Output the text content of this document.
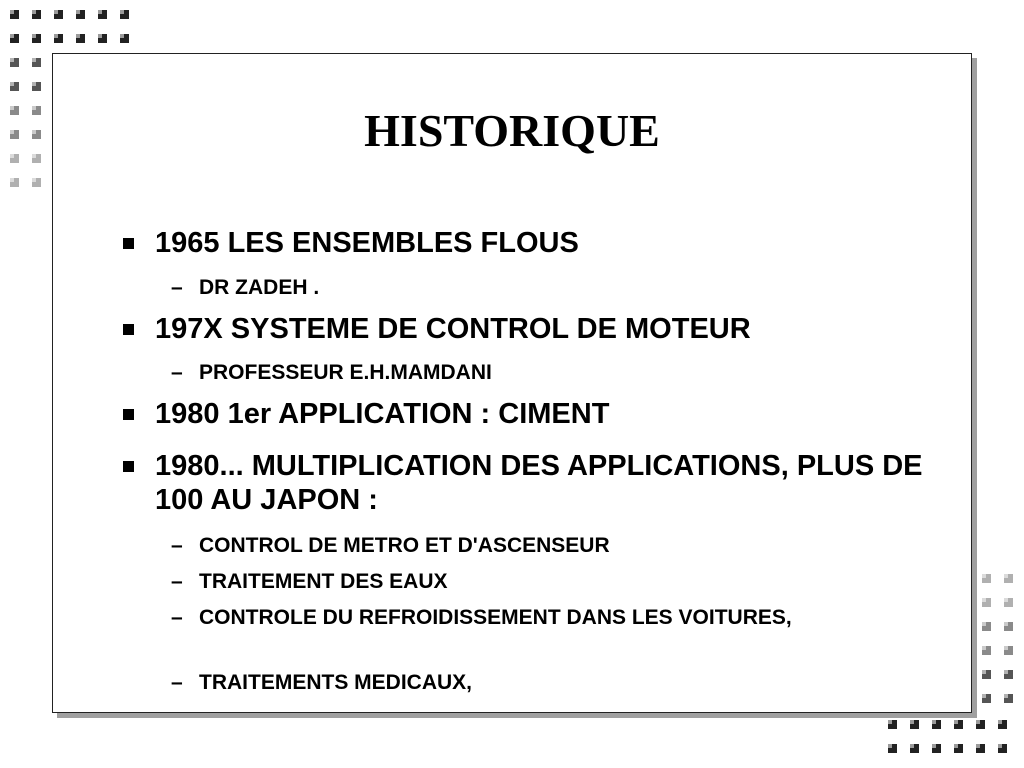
HISTORIQUE
1965 LES ENSEMBLES FLOUS
– DR ZADEH .
197X SYSTEME DE CONTROL DE MOTEUR
– PROFESSEUR E.H.MAMDANI
1980 1er APPLICATION : CIMENT
1980... MULTIPLICATION DES APPLICATIONS, PLUS DE 100 AU JAPON :
– CONTROL DE METRO ET D'ASCENSEUR
– TRAITEMENT DES EAUX
– CONTROLE DU REFROIDISSEMENT DANS LES VOITURES,
– TRAITEMENTS MEDICAUX,
